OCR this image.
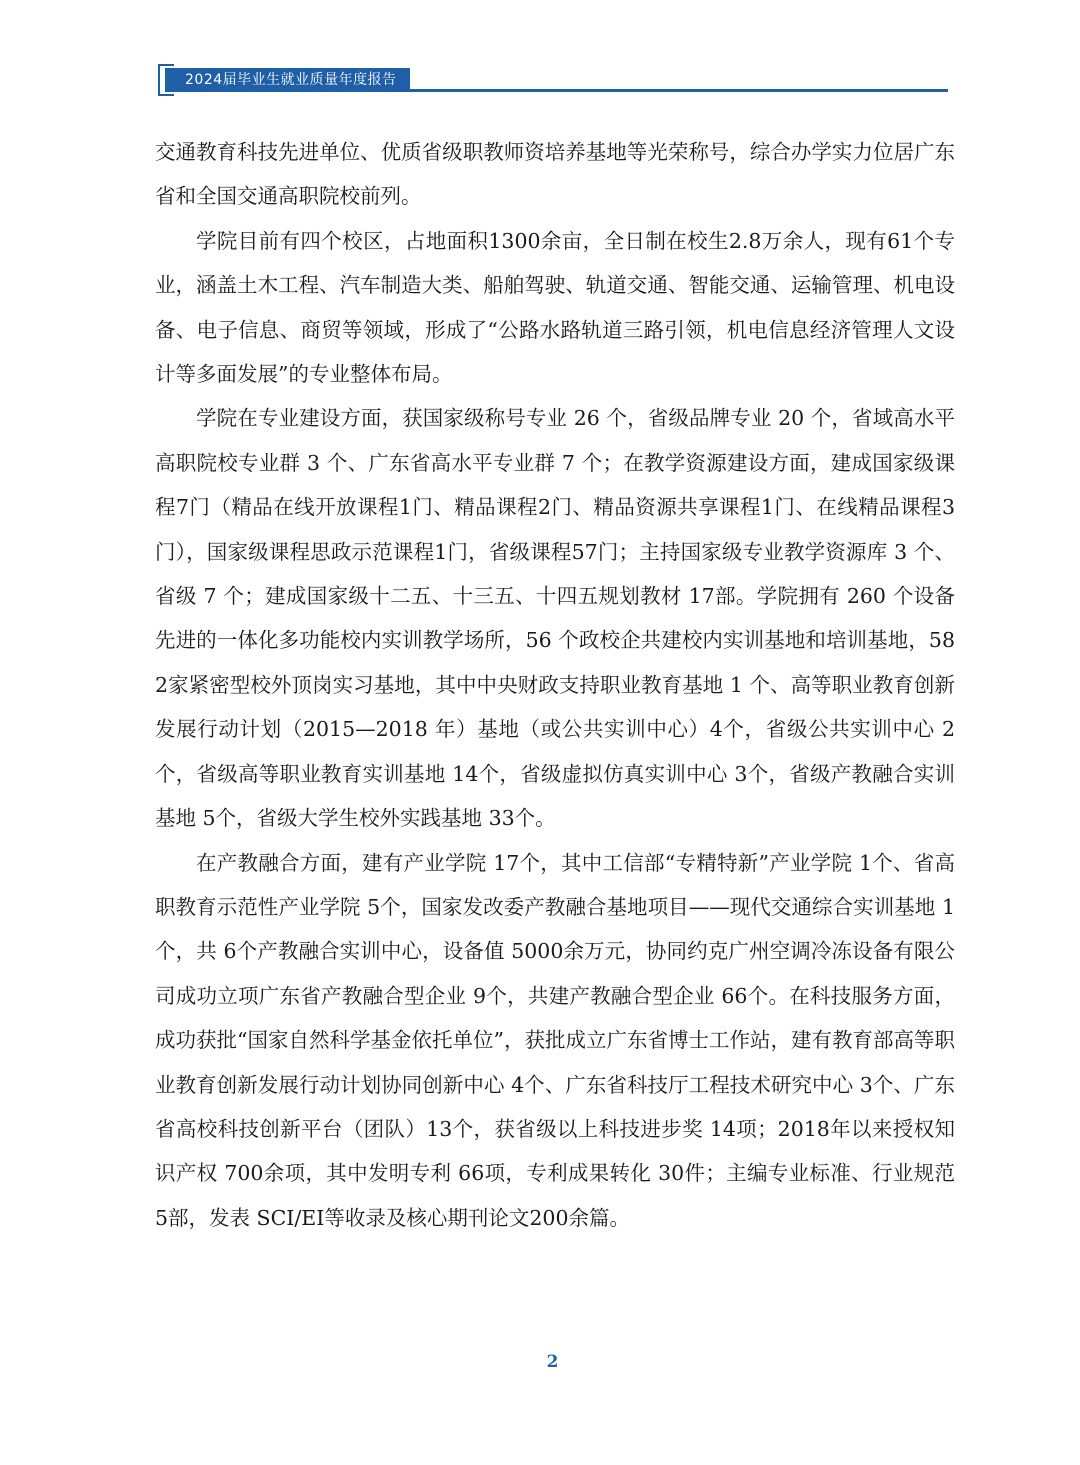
2024届毕业生就业质量年度报告

交通教育科技先进单位、优质省级职教师资培养基地等光荣称号，综合办学实力位居广东省和全国交通高职院校前列。

学院目前有四个校区，占地面积1300余亩，全日制在校生2.8万余人，现有61个专业，涵盖土木工程、汽车制造大类、船舶驾驶、轨道交通、智能交通、运输管理、机电设备、电子信息、商贸等领域，形成了“公路水路轨道三路引领，机电信息经济管理人文设计等多面发展”的专业整体布局。

学院在专业建设方面，获国家级称号专业 26 个，省级品牌专业 20 个，省域高水平高职院校专业群 3 个、广东省高水平专业群 7 个；在教学资源建设方面，建成国家级课程7门（精品在线开放课程1门、精品课程2门、精品资源共享课程1门、在线精品课程3门），国家级课程思政示范课程1门，省级课程57门；主持国家级专业教学资源库 3 个、省级 7 个；建成国家级十二五、十三五、十四五规划教材 17部。学院拥有 260 个设备先进的一体化多功能校内实训教学场所，56 个政校企共建校内实训基地和培训基地，582家紧密型校外顶岗实习基地，其中中央财政支持职业教育基地 1 个、高等职业教育创新发展行动计划（2015—2018 年）基地（或公共实训中心）4个，省级公共实训中心 2个，省级高等职业教育实训基地 14个，省级虚拟仿真实训中心 3个，省级产教融合实训基地 5个，省级大学生校外实践基地 33个。

在产教融合方面，建有产业学院 17个，其中工信部“专精特新”产业学院 1个、省高职教育示范性产业学院 5个，国家发改委产教融合基地项目——现代交通综合实训基地 1个，共 6个产教融合实训中心，设备值 5000余万元，协同约克广州空调冷冻设备有限公司成功立项广东省产教融合型企业 9个，共建产教融合型企业 66个。在科技服务方面，成功获批“国家自然科学基金依托单位”，获批成立广东省博士工作站，建有教育部高等职业教育创新发展行动计划协同创新中心 4个、广东省科技厅工程技术研究中心 3个、广东省高校科技创新平台（团队）13个，获省级以上科技进步奖 14项；2018年以来授权知识产权 700余项，其中发明专利 66项，专利成果转化 30件；主编专业标准、行业规范 5部，发表 SCI/EI等收录及核心期刊论文200余篇。

2
